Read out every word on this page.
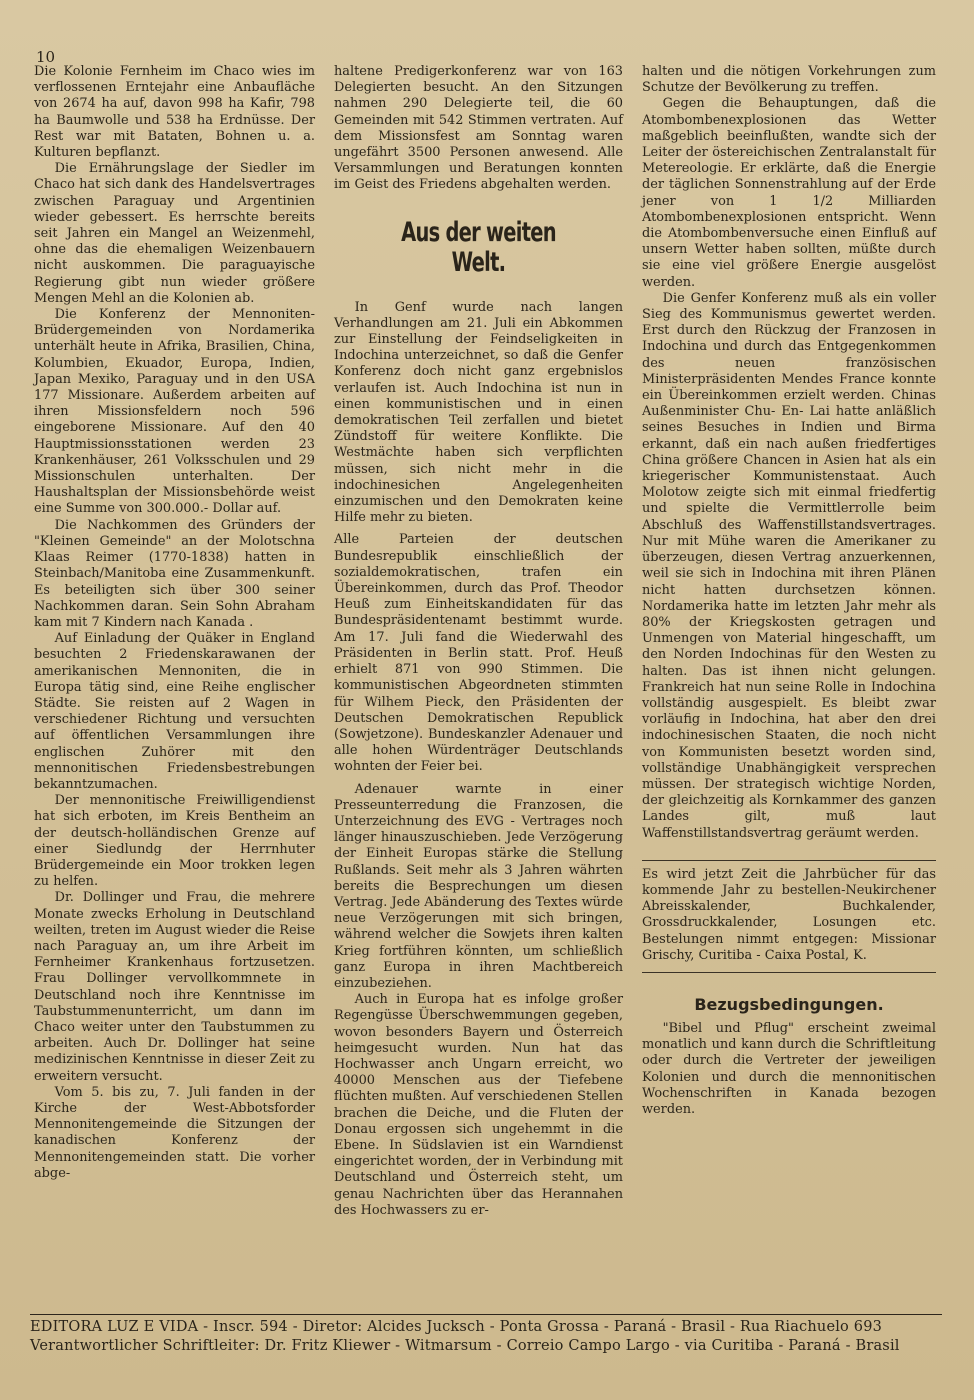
10

Die Kolonie Fernheim im Chaco wies im verflossenen Erntejahr eine Anbaufläche von 2674 ha auf, davon 998 ha Kafir, 798 ha Baumwolle und 538 ha Erdnüsse. Der Rest war mit Bataten, Bohnen u. a. Kulturen bepflanzt.

Die Ernährungslage der Siedler im Chaco hat sich dank des Handelsvertrages zwischen Paraguay und Argentinien wieder gebessert. Es herrschte bereits seit Jahren ein Mangel an Weizenmehl, ohne das die ehemaligen Weizenbauern nicht auskommen. Die paraguayische Regierung gibt nun wieder größere Mengen Mehl an die Kolonien ab.

Die Konferenz der Mennoniten-Brüdergemeinden von Nordamerika unterhält heute in Afrika, Brasilien, China, Kolumbien, Ekuador, Europa, Indien, Japan Mexiko, Paraguay und in den USA 177 Missionare. Außerdem arbeiten auf ihren Missionsfeldern noch 596 eingeborene Missionare. Auf den 40 Hauptmissionsstationen werden 23 Krankenhäuser, 261 Volksschulen und 29 Missionschulen unterhalten. Der Haushaltsplan der Missionsbehörde weist eine Summe von 300.000.- Dollar auf.

Die Nachkommen des Gründers der "Kleinen Gemeinde" an der Molotschna Klaas Reimer (1770-1838) hatten in Steinbach/Manitoba eine Zusammenkunft. Es beteiligten sich über 300 seiner Nachkommen daran. Sein Sohn Abraham kam mit 7 Kindern nach Kanada .

Auf Einladung der Quäker in England besuchten 2 Friedenskarawanen der amerikanischen Mennoniten, die in Europa tätig sind, eine Reihe englischer Städte. Sie reisten auf 2 Wagen in verschiedener Richtung und versuchten auf öffentlichen Versammlungen ihre englischen Zuhörer mit den mennonitischen Friedensbestrebungen bekanntzumachen.

Der mennonitische Freiwilligendienst hat sich erboten, im Kreis Bentheim an der deutsch-holländischen Grenze auf einer Siedlundg der Herrnhuter Brüdergemeinde ein Moor trokken legen zu helfen.

Dr. Dollinger und Frau, die mehrere Monate zwecks Erholung in Deutschland weilten, treten im August wieder die Reise nach Paraguay an, um ihre Arbeit im Fernheimer Krankenhaus fortzusetzen. Frau Dollinger vervollkommnete in Deutschland noch ihre Kenntnisse im Taubstummenunterricht, um dann im Chaco weiter unter den Taubstummen zu arbeiten. Auch Dr. Dollinger hat seine medizinischen Kenntnisse in dieser Zeit zu erweitern versucht.

Vom 5. bis zu, 7. Juli fanden in der Kirche der West-Abbotsforder Mennonitengemeinde die Sitzungen der kanadischen Konferenz der Mennonitengemeinden statt. Die vorher abge-

haltene Predigerkonferenz war von 163 Delegierten besucht. An den Sitzungen nahmen 290 Delegierte teil, die 60 Gemeinden mit 542 Stimmen vertraten. Auf dem Missionsfest am Sonntag waren ungefährt 3500 Personen anwesend. Alle Versammlungen und Beratungen konnten im Geist des Friedens abgehalten werden.

Aus der weiten Welt.

In Genf wurde nach langen Verhandlungen am 21. Juli ein Abkommen zur Einstellung der Feindseligkeiten in Indochina unterzeichnet, so daß die Genfer Konferenz doch nicht ganz ergebnislos verlaufen ist. Auch Indochina ist nun in einen kommunistischen und in einen demokratischen Teil zerfallen und bietet Zündstoff für weitere Konflikte. Die Westmächte haben sich verpflichten müssen, sich nicht mehr in die indochinesichen Angelegenheiten einzumischen und den Demokraten keine Hilfe mehr zu bieten.

Alle Parteien der deutschen Bundesrepublik einschließlich der sozialdemokratischen, trafen ein Übereinkommen, durch das Prof. Theodor Heuß zum Einheitskandidaten für das Bundespräsidentenamt bestimmt wurde. Am 17. Juli fand die Wiederwahl des Präsidenten in Berlin statt. Prof. Heuß erhielt 871 von 990 Stimmen. Die kommunistischen Abgeordneten stimmten für Wilhem Pieck, den Präsidenten der Deutschen Demokratischen Republick (Sowjetzone). Bundeskanzler Adenauer und alle hohen Würdenträger Deutschlands wohnten der Feier bei.

Adenauer warnte in einer Presseunterredung die Franzosen, die Unterzeichnung des EVG - Vertrages noch länger hinauszuschieben. Jede Verzögerung der Einheit Europas stärke die Stellung Rußlands. Seit mehr als 3 Jahren währten bereits die Besprechungen um diesen Vertrag. Jede Abänderung des Textes würde neue Verzögerungen mit sich bringen, während welcher die Sowjets ihren kalten Krieg fortführen könnten, um schließlich ganz Europa in ihren Machtbereich einzubeziehen.

Auch in Europa hat es infolge großer Regengüsse Überschwemmungen gegeben, wovon besonders Bayern und Österreich heimgesucht wurden. Nun hat das Hochwasser anch Ungarn erreicht, wo 40000 Menschen aus der Tiefebene flüchten mußten. Auf verschiedenen Stellen brachen die Deiche, und die Fluten der Donau ergossen sich ungehemmt in die Ebene. In Südslavien ist ein Warndienst eingerichtet worden, der in Verbindung mit Deutschland und Österreich steht, um genau Nachrichten über das Herannahen des Hochwassers zu er-

halten und die nötigen Vorkehrungen zum Schutze der Bevölkerung zu treffen.

Gegen die Behauptungen, daß die Atombombenexplosionen das Wetter maßgeblich beeinflußten, wandte sich der Leiter der östereichischen Zentralanstalt für Metereologie. Er erklärte, daß die Energie der täglichen Sonnenstrahlung auf der Erde jener von 1 1/2 Milliarden Atombombenexplosionen entspricht. Wenn die Atombombenversuche einen Einfluß auf unsern Wetter haben sollten, müßte durch sie eine viel größere Energie ausgelöst werden.

Die Genfer Konferenz muß als ein voller Sieg des Kommunismus gewertet werden. Erst durch den Rückzug der Franzosen in Indochina und durch das Entgegenkommen des neuen französischen Ministerpräsidenten Mendes France konnte ein Übereinkommen erzielt werden. Chinas Außenminister Chu- En- Lai hatte anläßlich seines Besuches in Indien und Birma erkannt, daß ein nach außen friedfertiges China größere Chancen in Asien hat als ein kriegerischer Kommunistenstaat. Auch Molotow zeigte sich mit einmal friedfertig und spielte die Vermittlerrolle beim Abschluß des Waffenstillstandsvertrages. Nur mit Mühe waren die Amerikaner zu überzeugen, diesen Vertrag anzuerkennen, weil sie sich in Indochina mit ihren Plänen nicht hatten durchsetzen können. Nordamerika hatte im letzten Jahr mehr als 80% der Kriegskosten getragen und Unmengen von Material hingeschafft, um den Norden Indochinas für den Westen zu halten. Das ist ihnen nicht gelungen. Frankreich hat nun seine Rolle in Indochina vollständig ausgespielt. Es bleibt zwar vorläufig in Indochina, hat aber den drei indochinesischen Staaten, die noch nicht von Kommunisten besetzt worden sind, vollständige Unabhängigkeit versprechen müssen. Der strategisch wichtige Norden, der gleichzeitig als Kornkammer des ganzen Landes gilt, muß laut Waffenstillstandsvertrag geräumt werden.

Es wird jetzt Zeit die Jahrbücher für das kommende Jahr zu bestellen-Neukirchener Abreisskalender, Buchkalender, Grossdruckkalender, Losungen etc. Bestelungen nimmt entgegen: Missionar Grischy, Curitiba - Caixa Postal, K.

Bezugsbedingungen.

"Bibel und Pflug" erscheint zweimal monatlich und kann durch die Schriftleitung oder durch die Vertreter der jeweiligen Kolonien und durch die mennonitischen Wochenschriften in Kanada bezogen werden.

EDITORA LUZ E VIDA - Inscr. 594 - Diretor: Alcides Jucksch - Ponta Grossa - Paraná - Brasil - Rua Riachuelo 693
Verantwortlicher Schriftleiter: Dr. Fritz Kliewer - Witmarsum - Correio Campo Largo - via Curitiba - Paraná - Brasil
